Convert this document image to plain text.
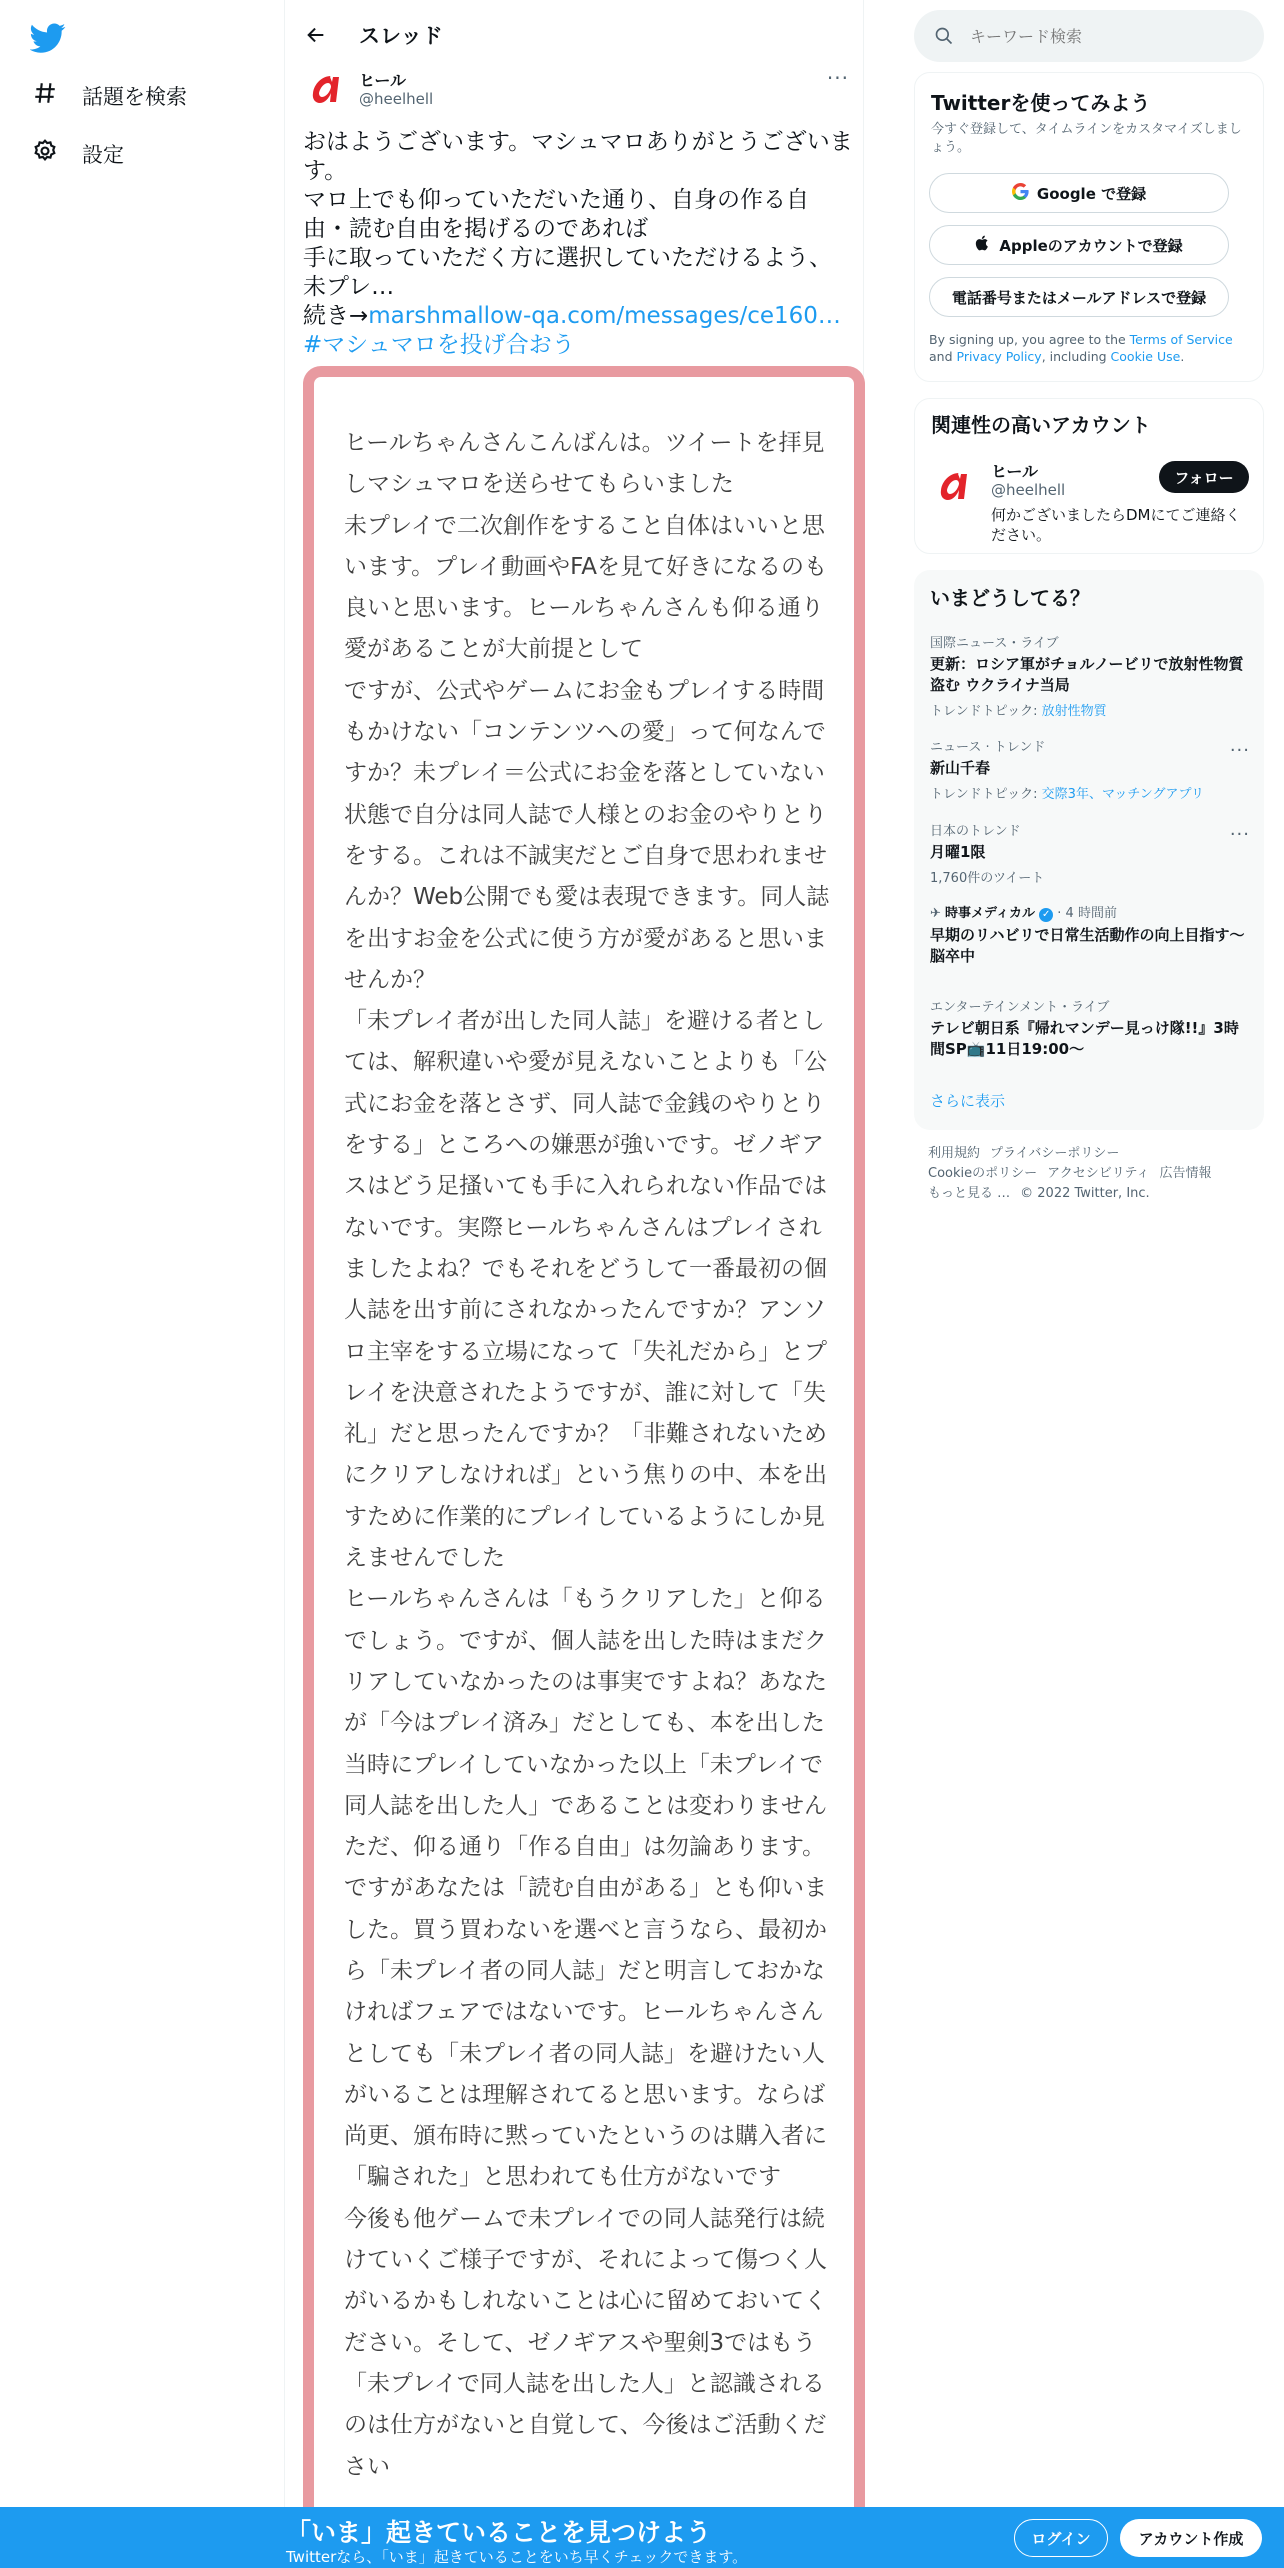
話題を検索
設定
スレッド
ヒール
@heelhell
···
おはようございます。マシュマロありがとうございます。
マロ上でも仰っていただいた通り、自身の作る自由・読む自由を掲げるのであれば
手に取っていただく方に選択していただけるよう、未プレ…
続き→marshmallow-qa.com/messages/ce160…
#マシュマロを投げ合おう
ヒールちゃんさんこんばんは。ツイートを拝見しマシュマロを送らせてもらいました
未プレイで二次創作をすること自体はいいと思います。プレイ動画やFAを見て好きになるのも良いと思います。ヒールちゃんさんも仰る通り愛があることが大前提として
ですが、公式やゲームにお金もプレイする時間もかけない「コンテンツへの愛」って何なんですか？未プレイ＝公式にお金を落としていない状態で自分は同人誌で人様とのお金のやりとりをする。これは不誠実だとご自身で思われませんか？Web公開でも愛は表現できます。同人誌を出すお金を公式に使う方が愛があると思いませんか？
「未プレイ者が出した同人誌」を避ける者としては、解釈違いや愛が見えないことよりも「公式にお金を落とさず、同人誌で金銭のやりとりをする」ところへの嫌悪が強いです。ゼノギアスはどう足搔いても手に入れられない作品ではないです。実際ヒールちゃんさんはプレイされましたよね？でもそれをどうして一番最初の個人誌を出す前にされなかったんですか？アンソロ主宰をする立場になって「失礼だから」とプレイを決意されたようですが、誰に対して「失礼」だと思ったんですか？「非難されないためにクリアしなければ」という焦りの中、本を出すために作業的にプレイしているようにしか見えませんでした
ヒールちゃんさんは「もうクリアした」と仰るでしょう。ですが、個人誌を出した時はまだクリアしていなかったのは事実ですよね？あなたが「今はプレイ済み」だとしても、本を出した当時にプレイしていなかった以上「未プレイで同人誌を出した人」であることは変わりません
ただ、仰る通り「作る自由」は勿論あります。ですがあなたは「読む自由がある」とも仰いました。買う買わないを選べと言うなら、最初から「未プレイ者の同人誌」だと明言しておかなければフェアではないです。ヒールちゃんさんとしても「未プレイ者の同人誌」を避けたい人がいることは理解されてると思います。ならば尚更、頒布時に黙っていたというのは購入者に「騙された」と思われても仕方がないです
今後も他ゲームで未プレイでの同人誌発行は続けていくご様子ですが、それによって傷つく人がいるかもしれないことは心に留めておいてください。そして、ゼノギアスや聖剣3ではもう「未プレイで同人誌を出した人」と認識されるのは仕方がないと自覚して、今後はご活動ください
キーワード検索
Twitterを使ってみよう
今すぐ登録して、タイムラインをカスタマイズしましょう。
Google で登録
Appleのアカウントで登録
電話番号またはメールアドレスで登録
By signing up, you agree to the Terms of Service and Privacy Policy, including Cookie Use.
関連性の高いアカウント
ヒール
@heelhell
フォロー
何かございましたらDMにてご連絡ください。
いまどうしてる？
国際ニュース・ライブ
更新：ロシア軍がチョルノービリで放射性物質盗む ウクライナ当局
トレンドトピック: 放射性物質
ニュース · トレンド
新山千春
トレンドトピック: 交際3年、マッチングアプリ
···
日本のトレンド
月曜1限
1,760件のツイート
···
✈ 時事メディカル ✓ · 4 時間前
早期のリハビリで日常生活動作の向上目指す～脳卒中
エンターテインメント・ライブ
テレビ朝日系『帰れマンデー見っけ隊!!』3時間SP📺11日19:00〜
さらに表示
利用規約 プライバシーポリシー
Cookieのポリシー アクセシビリティ 広告情報
もっと見る … © 2022 Twitter, Inc.
「いま」起きていることを見つけよう
Twitterなら、「いま」起きていることをいち早くチェックできます。
ログイン	アカウント作成
